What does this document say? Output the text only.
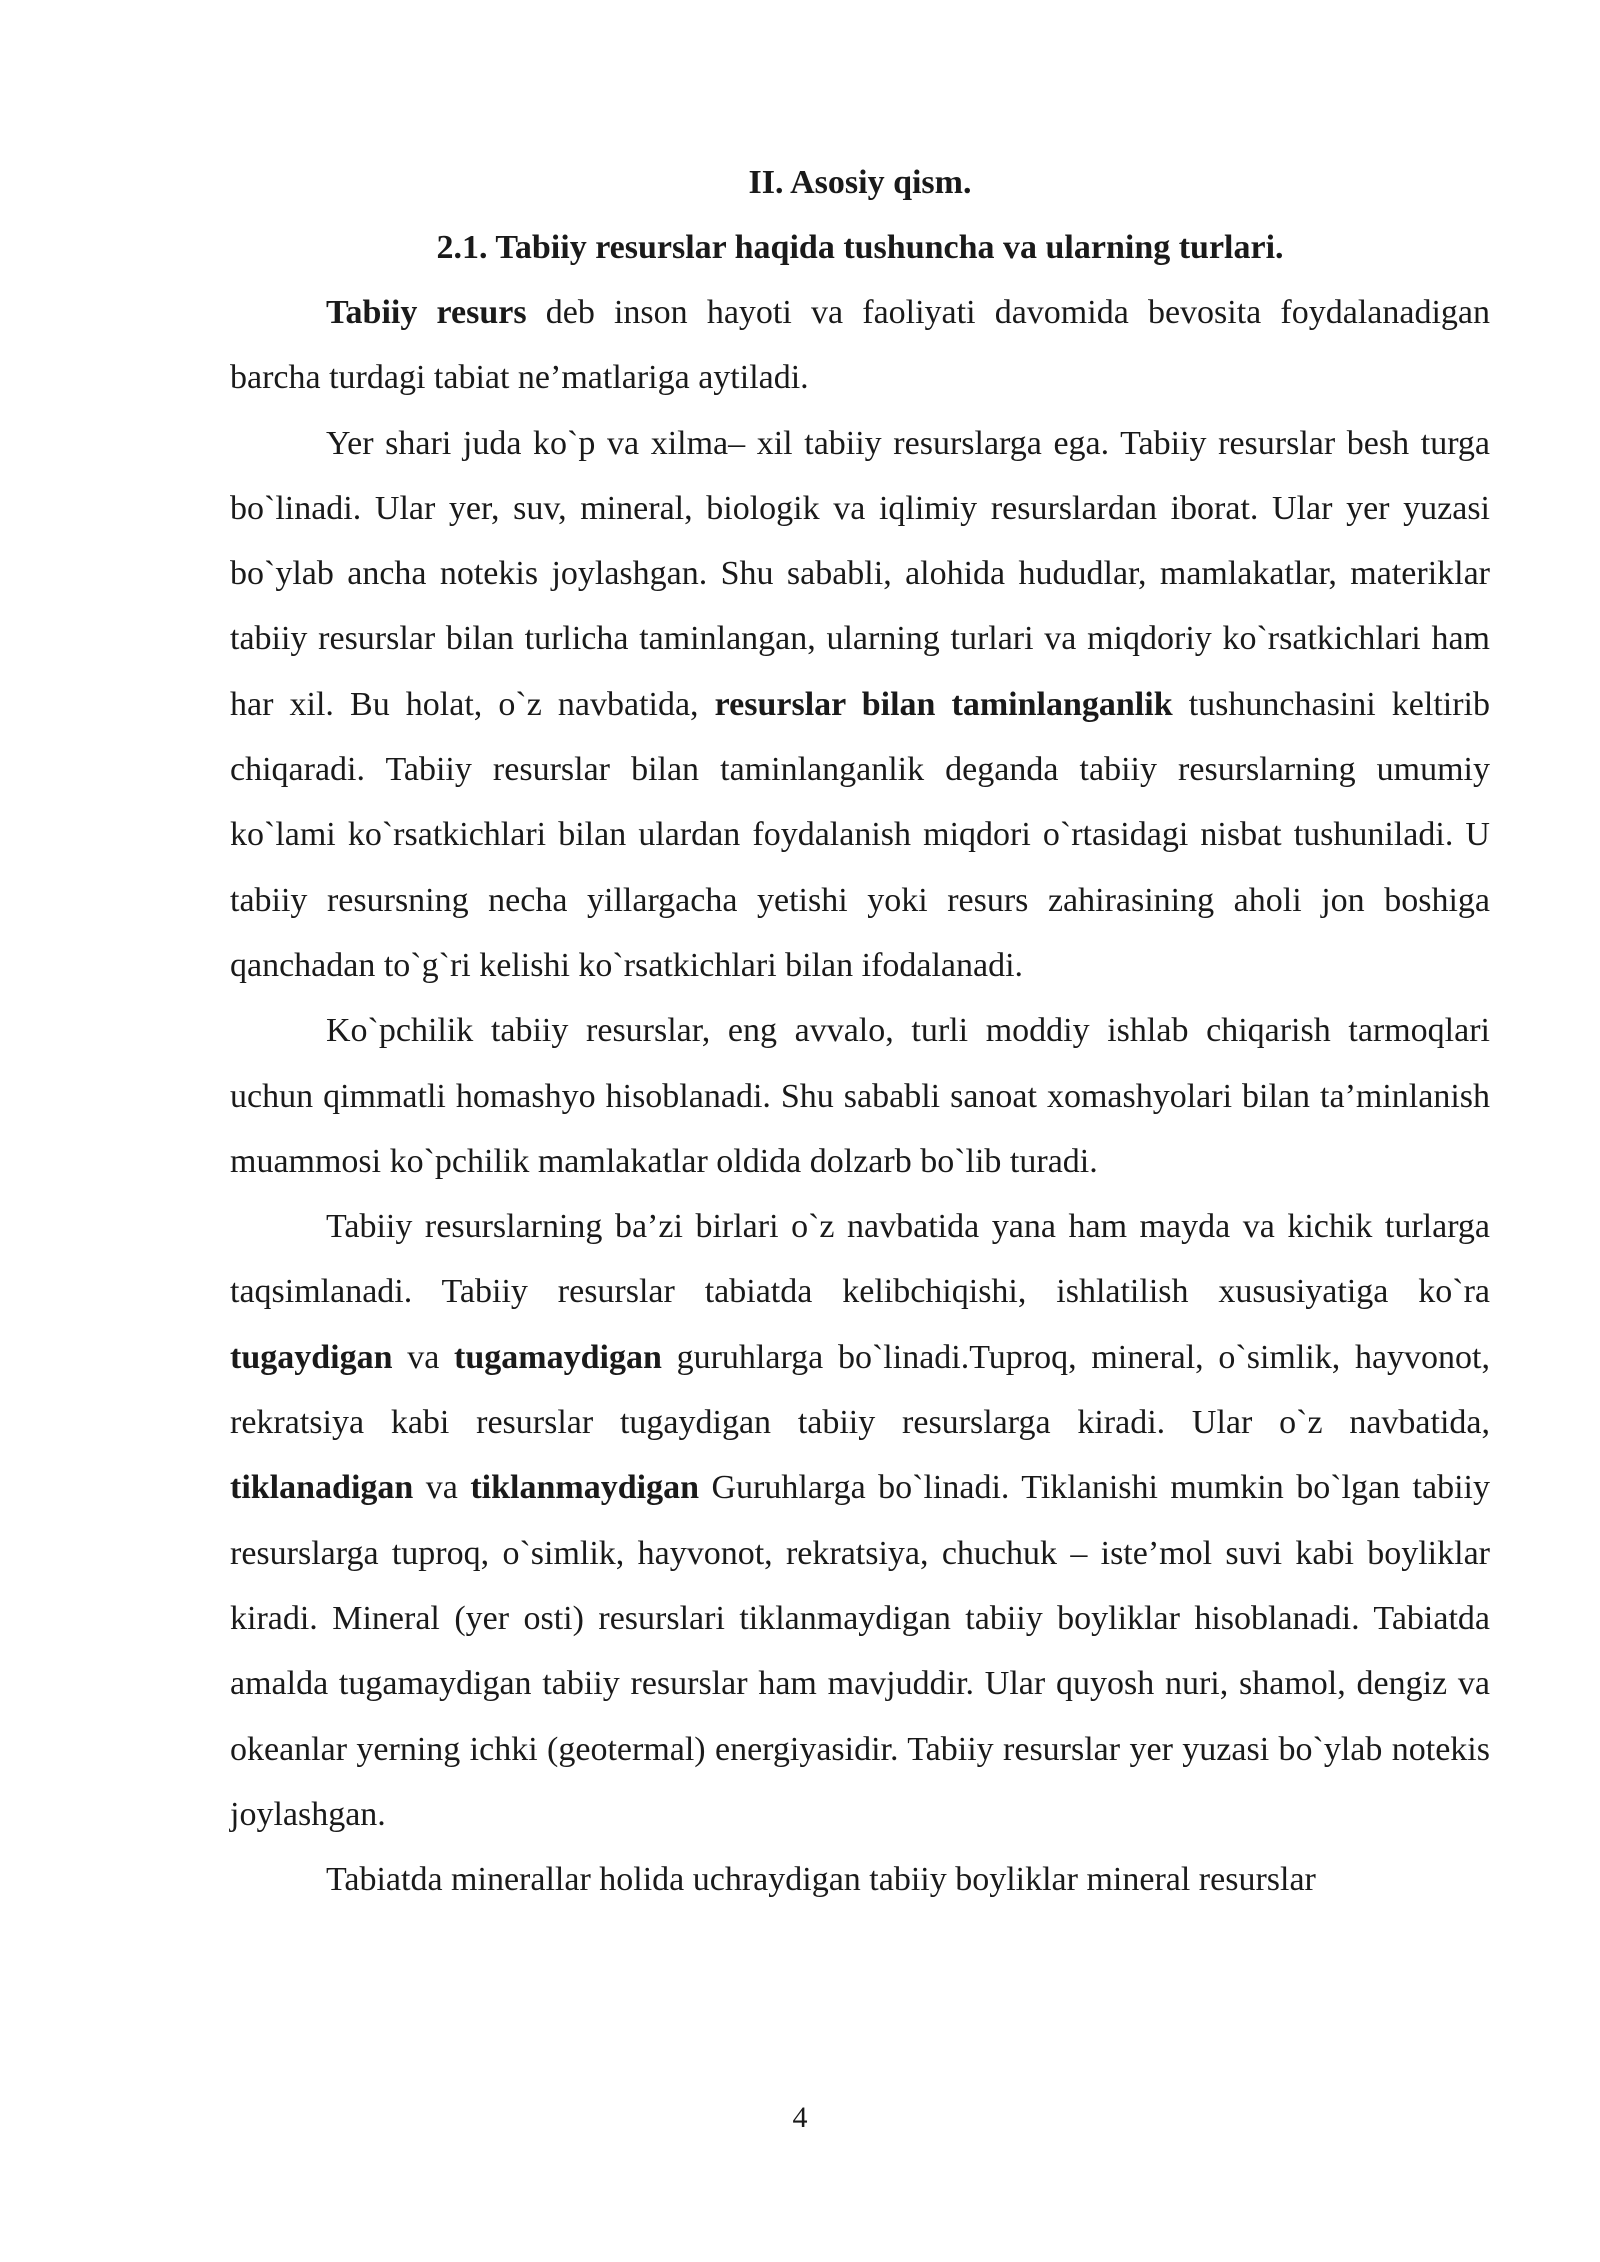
II. Asosiy qism.
2.1. Tabiiy resurslar haqida tushuncha va ularning turlari.

Tabiiy resurs deb inson hayoti va faoliyati davomida bevosita foydalanadigan barcha turdagi tabiat ne’matlariga aytiladi.

Yer shari juda ko`p va xilma– xil tabiiy resurslarga ega. Tabiiy resurslar besh turga bo`linadi. Ular yer, suv, mineral, biologik va iqlimiy resurslardan iborat. Ular yer yuzasi bo`ylab ancha notekis joylashgan. Shu sababli, alohida hududlar, mamlakatlar, materiklar tabiiy resurslar bilan turlicha taminlangan, ularning turlari va miqdoriy ko`rsatkichlari ham har xil. Bu holat, o`z navbatida, resurslar bilan taminlanganlik tushunchasini keltirib chiqaradi. Tabiiy resurslar bilan taminlanganlik deganda tabiiy resurslarning umumiy ko`lami ko`rsatkichlari bilan ulardan foydalanish miqdori o`rtasidagi nisbat tushuniladi. U tabiiy resursning necha yillargacha yetishi yoki resurs zahirasining aholi jon boshiga qanchadan to`g`ri kelishi ko`rsatkichlari bilan ifodalanadi.

Ko`pchilik tabiiy resurslar, eng avvalo, turli moddiy ishlab chiqarish tarmoqlari uchun qimmatli homashyo hisoblanadi. Shu sababli sanoat xomashyolari bilan ta’minlanish muammosi ko`pchilik mamlakatlar oldida dolzarb bo`lib turadi.

Tabiiy resurslarning ba’zi birlari o`z navbatida yana ham mayda va kichik turlarga taqsimlanadi. Tabiiy resurslar tabiatda kelibchiqishi, ishlatilish xususiyatiga ko`ra tugaydigan va tugamaydigan guruhlarga bo`linadi.Tuproq, mineral, o`simlik, hayvonot, rekratsiya kabi resurslar tugaydigan tabiiy resurslarga kiradi. Ular o`z navbatida, tiklanadigan va tiklanmaydigan Guruhlarga bo`linadi. Tiklanishi mumkin bo`lgan tabiiy resurslarga tuproq, o`simlik, hayvonot, rekratsiya, chuchuk – iste’mol suvi kabi boyliklar kiradi. Mineral (yer osti) resurslari tiklanmaydigan tabiiy boyliklar hisoblanadi. Tabiatda amalda tugamaydigan tabiiy resurslar ham mavjuddir. Ular quyosh nuri, shamol, dengiz va okeanlar yerning ichki (geotermal) energiyasidir. Tabiiy resurslar yer yuzasi bo`ylab notekis joylashgan.

Tabiatda minerallar holida uchraydigan tabiiy boyliklar mineral resurslar

4
